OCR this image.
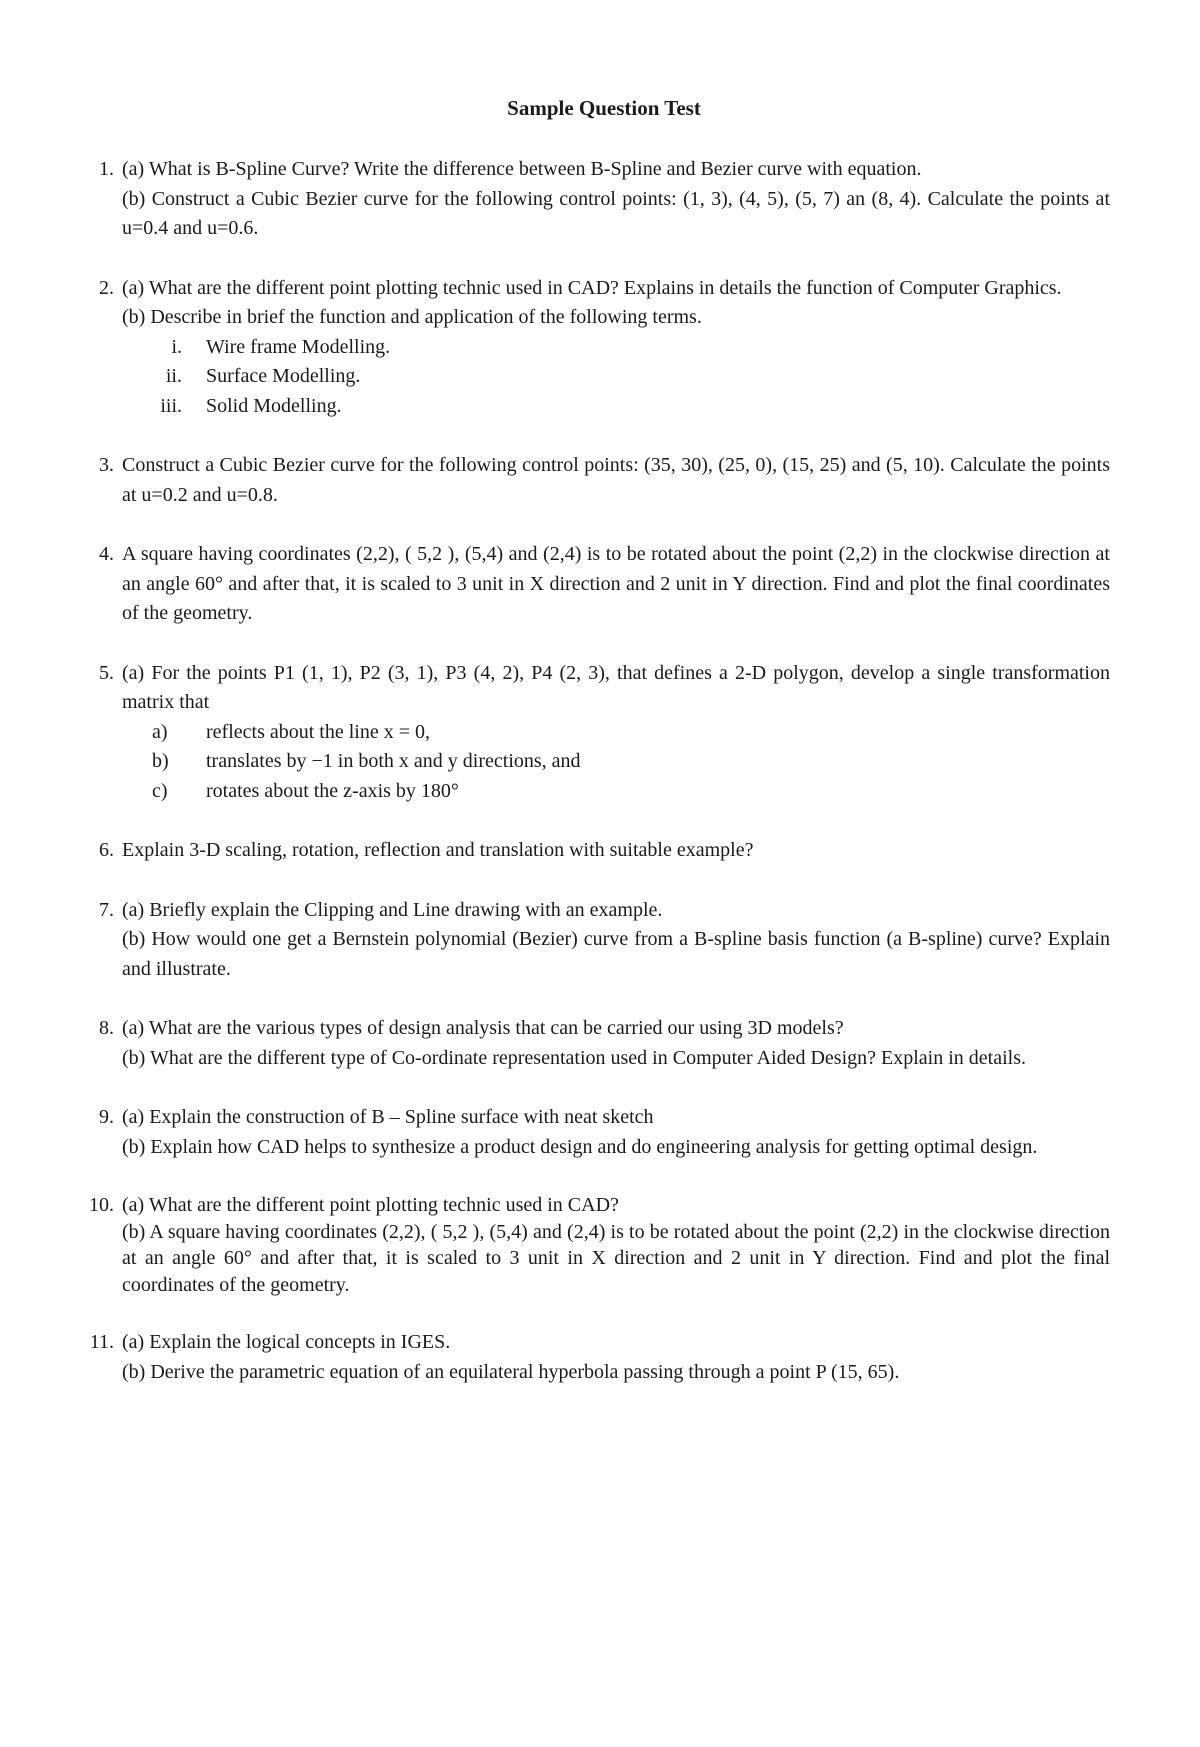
Sample Question Test
1. (a) What is B-Spline Curve? Write the difference between B-Spline and Bezier curve with equation.
(b) Construct a Cubic Bezier curve for the following control points: (1, 3), (4, 5), (5, 7) an (8, 4). Calculate the points at u=0.4 and u=0.6.
2. (a) What are the different point plotting technic used in CAD? Explains in details the function of Computer Graphics.
(b) Describe in brief the function and application of the following terms.
i. Wire frame Modelling.
ii. Surface Modelling.
iii. Solid Modelling.
3. Construct a Cubic Bezier curve for the following control points: (35, 30), (25, 0), (15, 25) and (5, 10). Calculate the points at u=0.2 and u=0.8.
4. A square having coordinates (2,2), ( 5,2 ), (5,4) and (2,4) is to be rotated about the point (2,2) in the clockwise direction at an angle 60° and after that, it is scaled to 3 unit in X direction and 2 unit in Y direction. Find and plot the final coordinates of the geometry.
5. (a) For the points P1 (1, 1), P2 (3, 1), P3 (4, 2), P4 (2, 3), that defines a 2-D polygon, develop a single transformation matrix that
a)	reflects about the line x = 0,
b)	translates by −1 in both x and y directions, and
c)	rotates about the z-axis by 180°
6. Explain 3-D scaling, rotation, reflection and translation with suitable example?
7. (a) Briefly explain the Clipping and Line drawing with an example.
(b) How would one get a Bernstein polynomial (Bezier) curve from a B-spline basis function (a B-spline) curve? Explain and illustrate.
8. (a) What are the various types of design analysis that can be carried our using 3D models?
(b) What are the different type of Co-ordinate representation used in Computer Aided Design? Explain in details.
9. (a) Explain the construction of B – Spline surface with neat sketch
(b) Explain how CAD helps to synthesize a product design and do engineering analysis for getting optimal design.
10. (a) What are the different point plotting technic used in CAD?
(b) A square having coordinates (2,2), ( 5,2 ), (5,4) and (2,4) is to be rotated about the point (2,2) in the clockwise direction at an angle 60° and after that, it is scaled to 3 unit in X direction and 2 unit in Y direction. Find and plot the final coordinates of the geometry.
11. (a) Explain the logical concepts in IGES.
(b) Derive the parametric equation of an equilateral hyperbola passing through a point P (15, 65).
